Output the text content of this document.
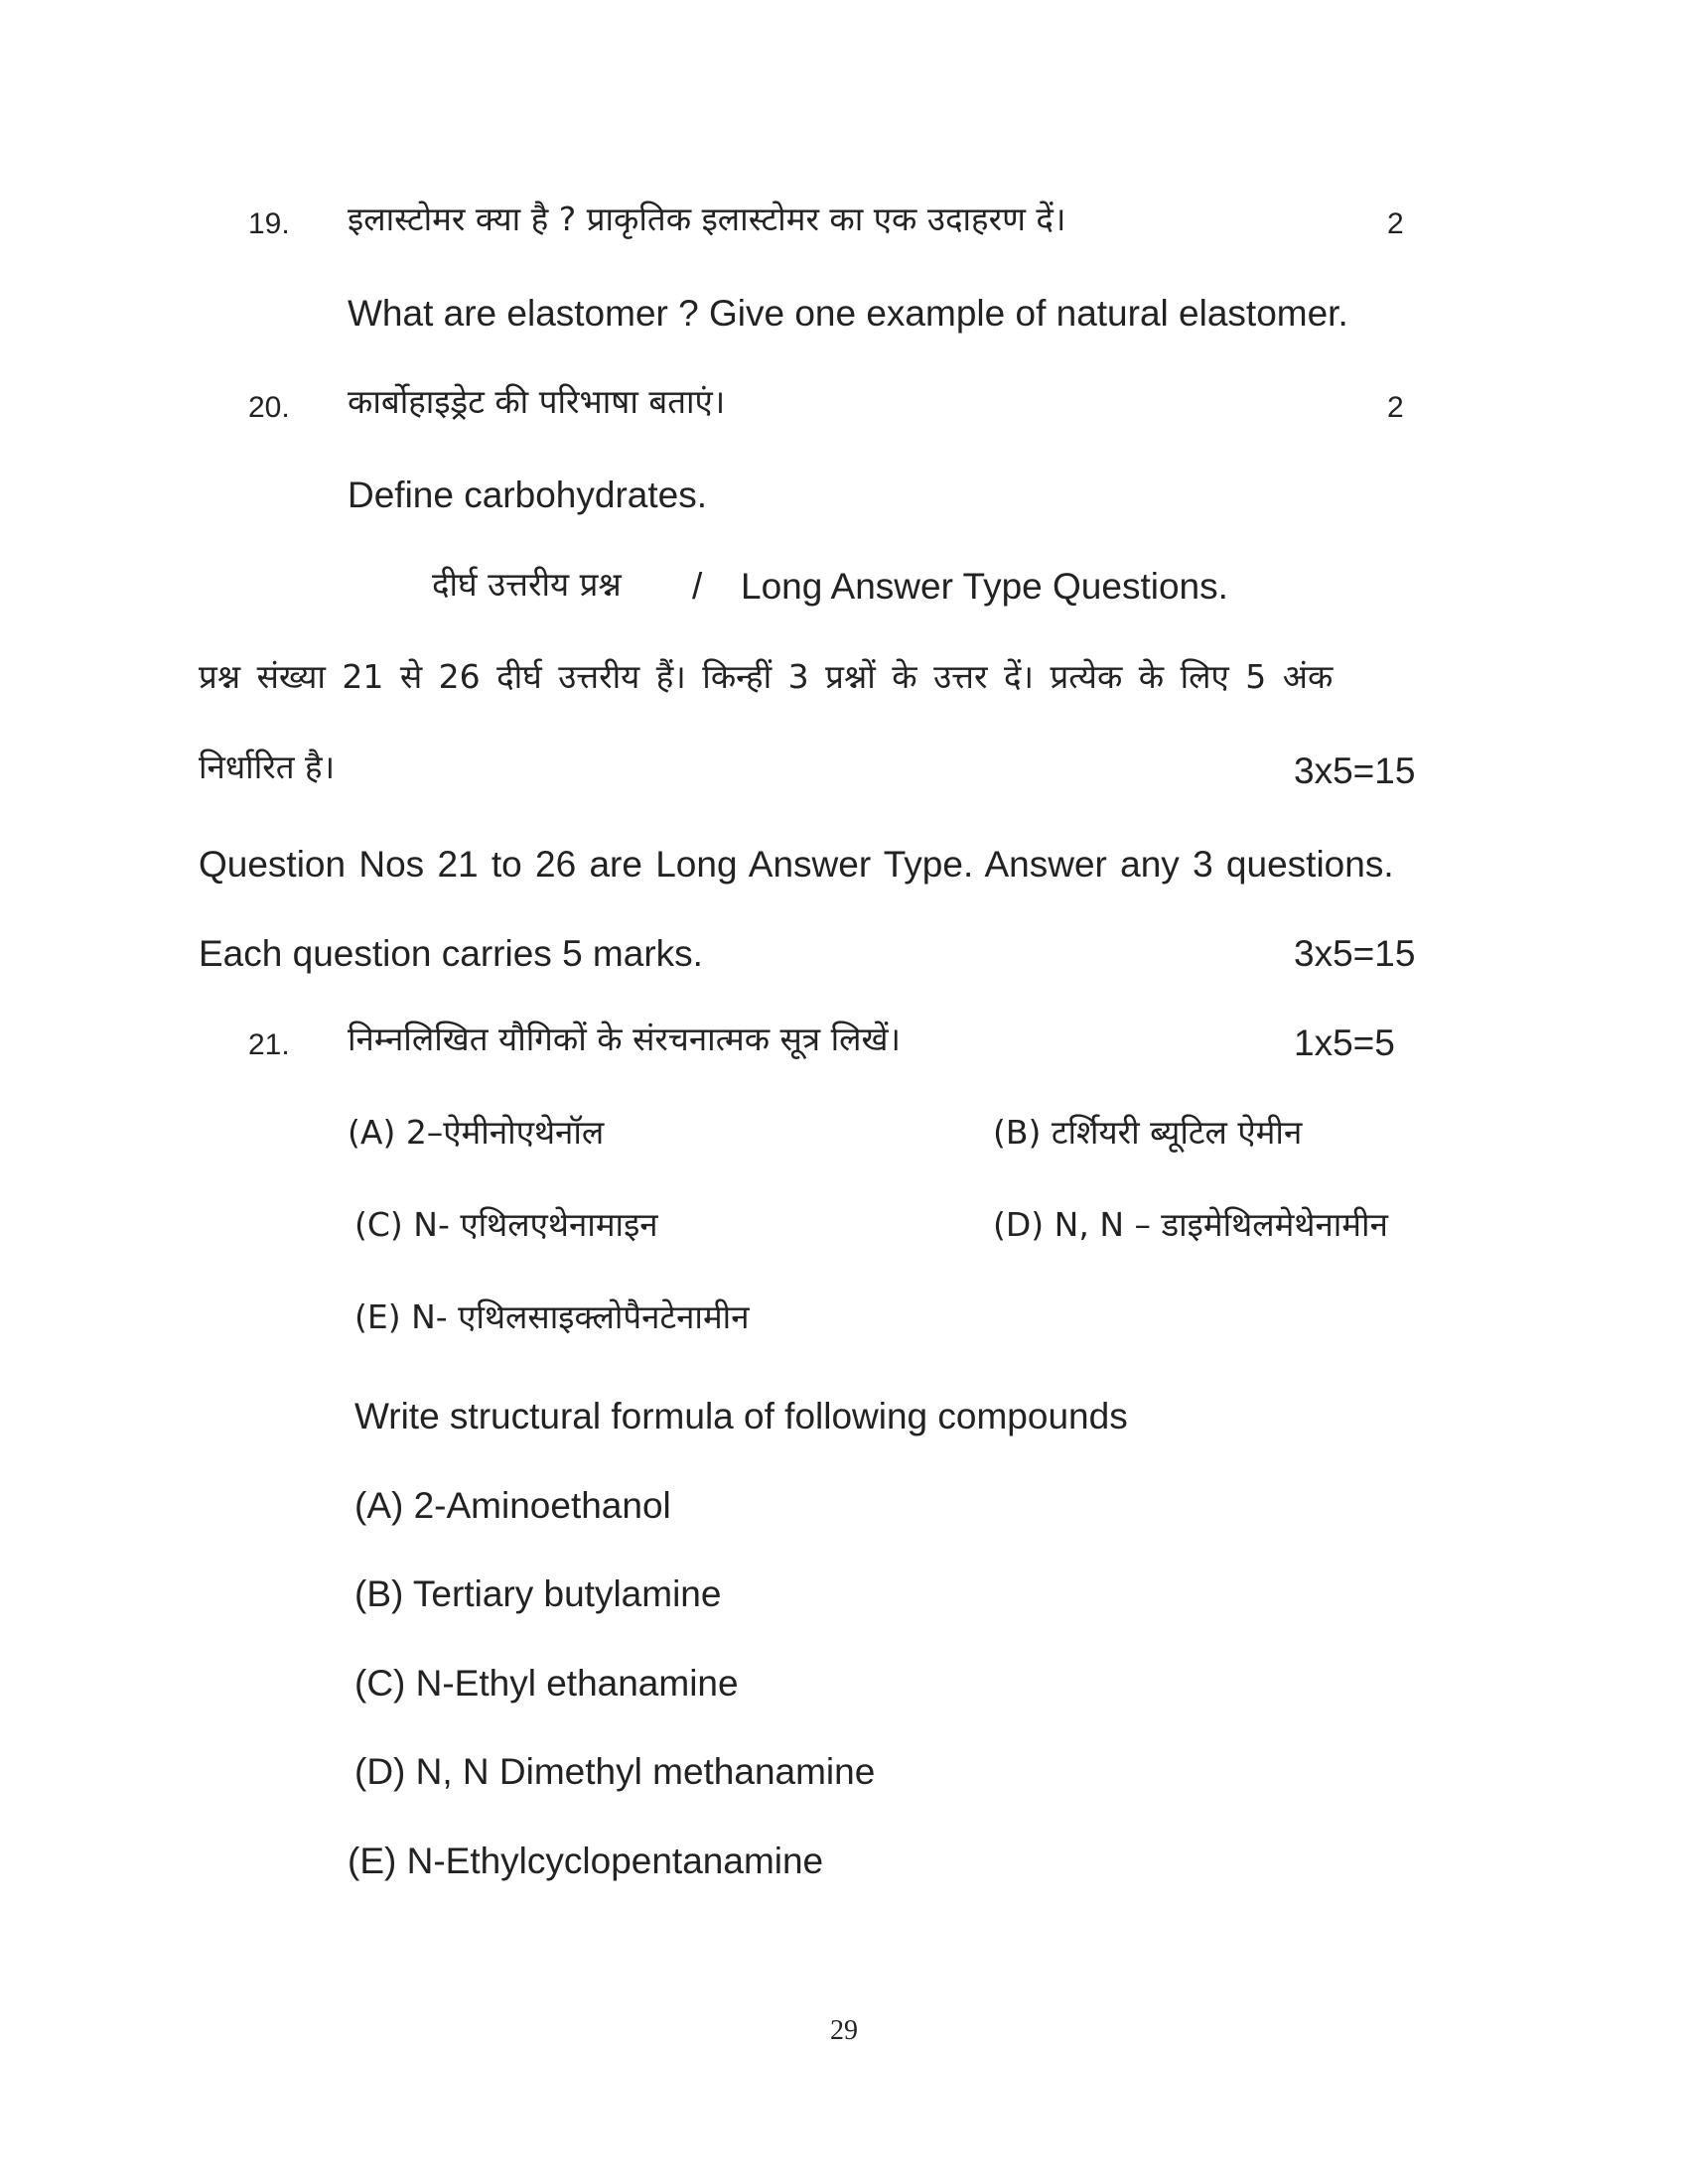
19. इलास्टोमर क्या है ? प्राकृतिक इलास्टोमर का एक उदाहरण दें।	2
What are elastomer ? Give one example of natural elastomer.
20. कार्बोहाइड्रेट की परिभाषा बताएं।	2
Define carbohydrates.
दीर्घ उत्तरीय प्रश्न / Long Answer Type Questions.
प्रश्न संख्या 21 से 26 दीर्घ उत्तरीय हैं। किन्हीं 3 प्रश्नों के उत्तर दें। प्रत्येक के लिए 5 अंक
निर्धारित है।	3x5=15
Question Nos 21 to 26 are Long Answer Type. Answer any 3 questions.
Each question carries 5 marks.	3x5=15
21. निम्नलिखित यौगिकों के संरचनात्मक सूत्र लिखें।	1x5=5
(A) 2–ऐमीनोएथेनॉल	(B) टर्शियरी ब्यूटिल ऐमीन
(C) N- एथिलएथेनामाइन	(D) N, N – डाइमेथिलमेथेनामीन
(E) N- एथिलसाइक्लोपैनटेनामीन
Write structural formula of following compounds
(A) 2-Aminoethanol
(B) Tertiary butylamine
(C) N-Ethyl ethanamine
(D) N, N Dimethyl methanamine
(E) N-Ethylcyclopentanamine
29
